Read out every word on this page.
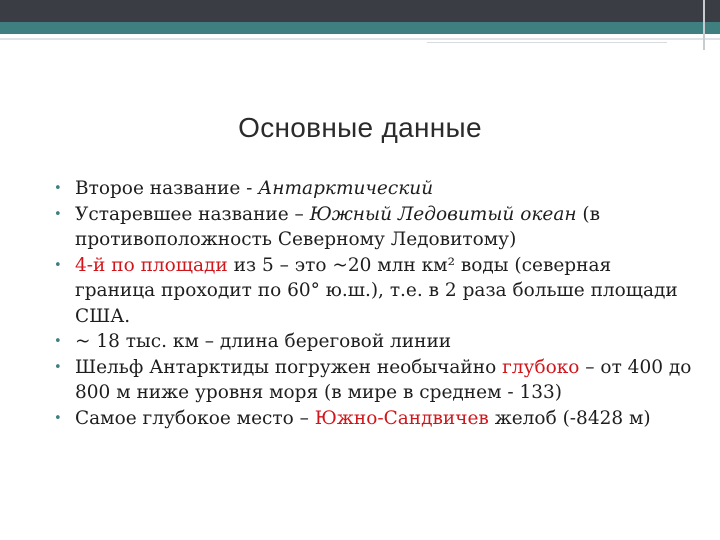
Основные данные
• Второе название - Антарктический
• Устаревшее название – Южный Ледовитый океан (в противоположность Северному Ледовитому)
• 4-й по площади из 5 – это ~20 млн км² воды (северная граница проходит по 60° ю.ш.), т.е. в 2 раза больше площади США.
• ~ 18 тыс. км – длина береговой линии
• Шельф Антарктиды погружен необычайно глубоко – от 400 до 800 м ниже уровня моря (в мире в среднем - 133)
• Самое глубокое место – Южно-Сандвичев желоб (-8428 м)
